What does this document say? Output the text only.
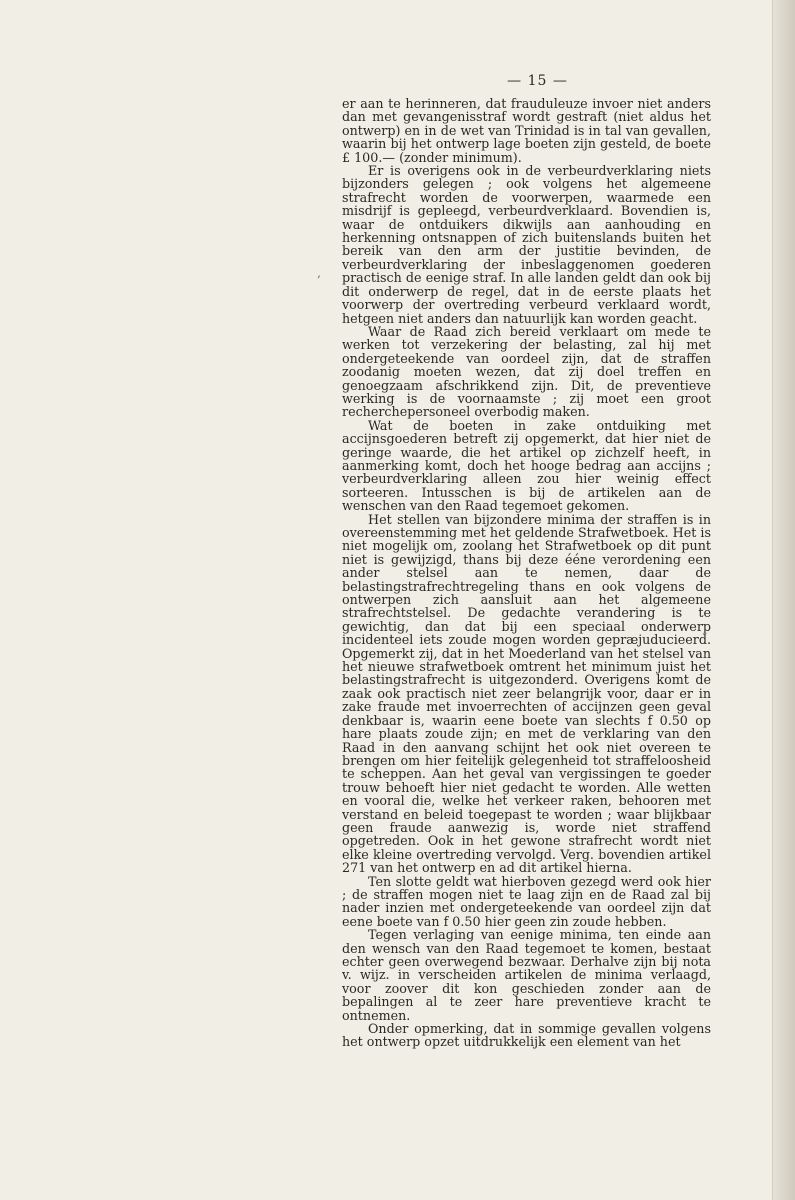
— 15 —
‚

er aan te herinneren, dat frauduleuze invoer niet anders dan met gevangenisstraf wordt gestraft (niet aldus het ontwerp) en in de wet van Trinidad is in tal van gevallen, waarin bij het ontwerp lage boeten zijn gesteld, de boete £ 100.— (zonder minimum).

Er is overigens ook in de verbeurdverklaring niets bijzonders gelegen ; ook volgens het algemeene strafrecht worden de voorwerpen, waarmede een misdrijf is gepleegd, verbeurdverklaard. Bovendien is, waar de ontduikers dikwijls aan aanhouding en herkenning ontsnappen of zich buitenslands buiten het bereik van den arm der justitie bevinden, de verbeurdverklaring der inbeslaggenomen goederen practisch de eenige straf. In alle landen geldt dan ook bij dit onderwerp de regel, dat in de eerste plaats het voorwerp der overtreding verbeurd verklaard wordt, hetgeen niet anders dan natuurlijk kan worden geacht.

Waar de Raad zich bereid verklaart om mede te werken tot verzekering der belasting, zal hij met ondergeteekende van oordeel zijn, dat de straffen zoodanig moeten wezen, dat zij doel treffen en genoegzaam afschrikkend zijn. Dit, de preventieve werking is de voornaamste ; zij moet een groot recherchepersoneel overbodig maken.

Wat de boeten in zake ontduiking met accijnsgoederen betreft zij opgemerkt, dat hier niet de geringe waarde, die het artikel op zichzelf heeft, in aanmerking komt, doch het hooge bedrag aan accijns ; verbeurdverklaring alleen zou hier weinig effect sorteeren. Intusschen is bij de artikelen aan de wenschen van den Raad tegemoet gekomen.

Het stellen van bijzondere minima der straffen is in overeenstemming met het geldende Strafwetboek. Het is niet mogelijk om, zoolang het Strafwetboek op dit punt niet is gewijzigd, thans bij deze ééne verordening een ander stelsel aan te nemen, daar de belastingstrafrechtregeling thans en ook volgens de ontwerpen zich aansluit aan het algemeene strafrechtstelsel. De gedachte verandering is te gewichtig, dan dat bij een speciaal onderwerp incidenteel iets zoude mogen worden gepræjuducieerd. Opgemerkt zij, dat in het Moederland van het stelsel van het nieuwe strafwetboek omtrent het minimum juist het belastingstrafrecht is uitgezonderd. Overigens komt de zaak ook practisch niet zeer belangrijk voor, daar er in zake fraude met invoerrechten of accijnzen geen geval denkbaar is, waarin eene boete van slechts f 0.50 op hare plaats zoude zijn; en met de verklaring van den Raad in den aanvang schijnt het ook niet overeen te brengen om hier feitelijk gelegenheid tot straffeloosheid te scheppen. Aan het geval van vergissingen te goeder trouw behoeft hier niet gedacht te worden. Alle wetten en vooral die, welke het verkeer raken, behooren met verstand en beleid toegepast te worden ; waar blijkbaar geen fraude aanwezig is, worde niet straffend opgetreden. Ook in het gewone strafrecht wordt niet elke kleine overtreding vervolgd. Verg. bovendien artikel 271 van het ontwerp en ad dit artikel hierna.

Ten slotte geldt wat hierboven gezegd werd ook hier ; de straffen mogen niet te laag zijn en de Raad zal bij nader inzien met ondergeteekende van oordeel zijn dat eene boete van f 0.50 hier geen zin zoude hebben.

Tegen verlaging van eenige minima, ten einde aan den wensch van den Raad tegemoet te komen, bestaat echter geen overwegend bezwaar. Derhalve zijn bij nota v. wijz. in verscheiden artikelen de minima verlaagd, voor zoover dit kon geschieden zonder aan de bepalingen al te zeer hare preventieve kracht te ontnemen.

Onder opmerking, dat in sommige gevallen volgens het ontwerp opzet uitdrukkelijk een element van het
